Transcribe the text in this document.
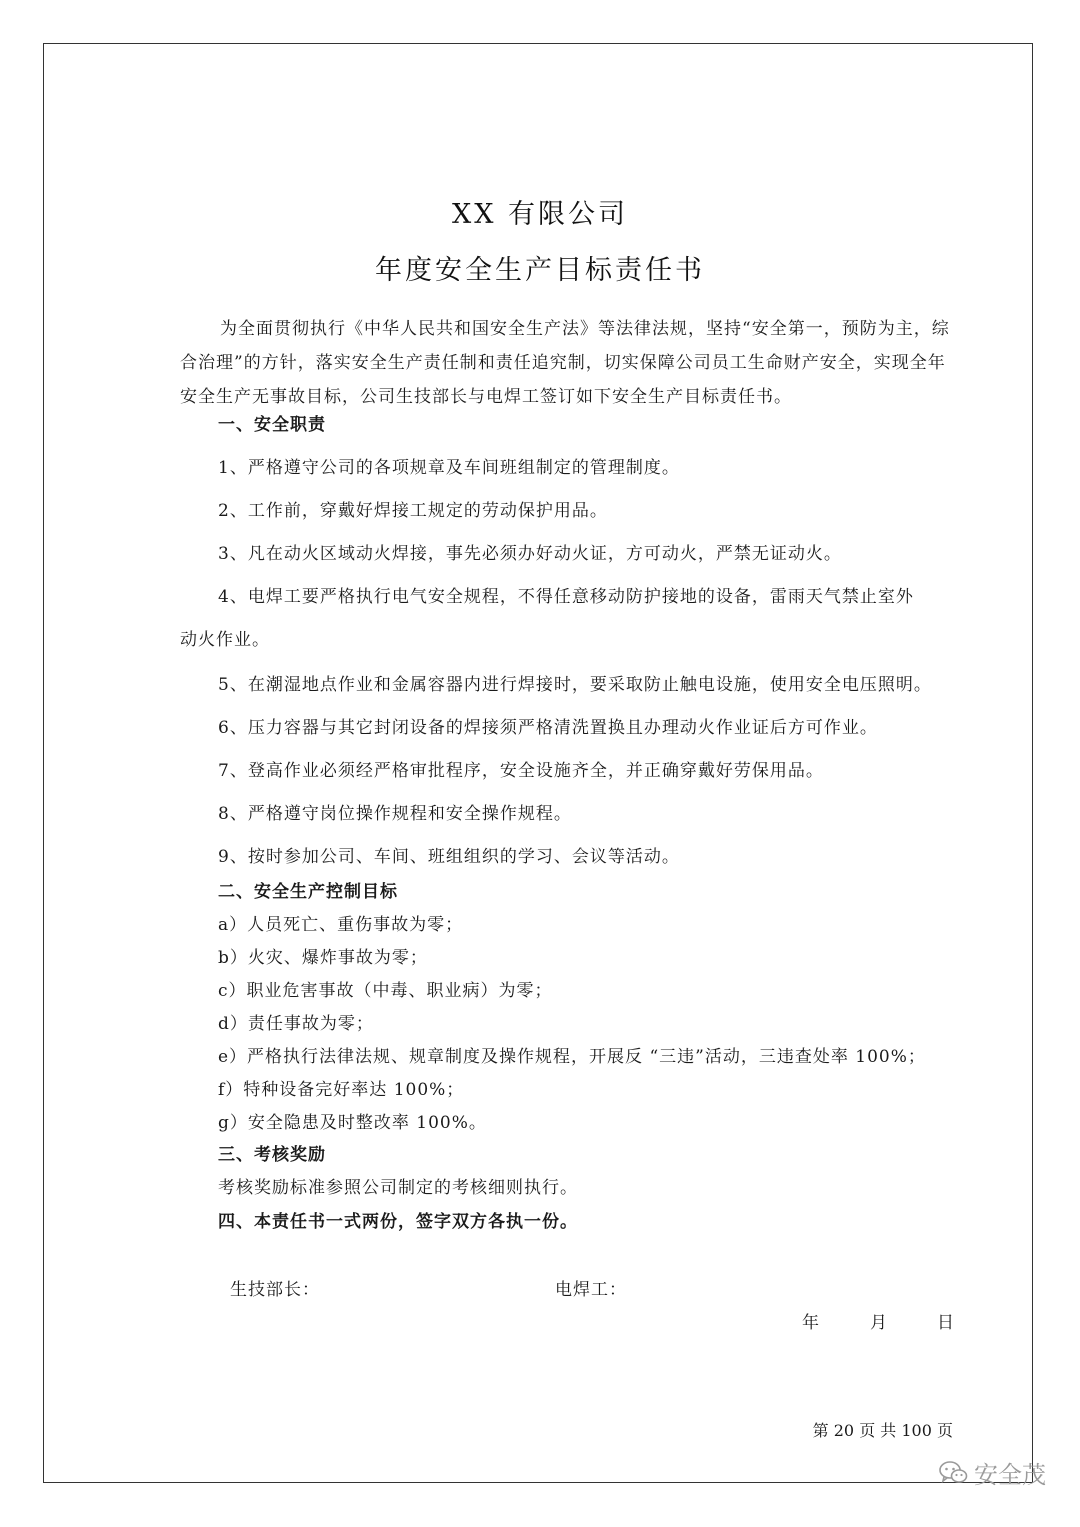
XX 有限公司
年度安全生产目标责任书
为全面贯彻执行《中华人民共和国安全生产法》等法律法规，坚持“安全第一，预防为主，综合治理”的方针，落实安全生产责任制和责任追究制，切实保障公司员工生命财产安全，实现全年安全生产无事故目标，公司生技部长与电焊工签订如下安全生产目标责任书。
一、安全职责
1、严格遵守公司的各项规章及车间班组制定的管理制度。
2、工作前，穿戴好焊接工规定的劳动保护用品。
3、凡在动火区域动火焊接，事先必须办好动火证，方可动火，严禁无证动火。
4、电焊工要严格执行电气安全规程，不得任意移动防护接地的设备，雷雨天气禁止室外
动火作业。
5、在潮湿地点作业和金属容器内进行焊接时，要采取防止触电设施，使用安全电压照明。
6、压力容器与其它封闭设备的焊接须严格清洗置换且办理动火作业证后方可作业。
7、登高作业必须经严格审批程序，安全设施齐全，并正确穿戴好劳保用品。
8、严格遵守岗位操作规程和安全操作规程。
9、按时参加公司、车间、班组组织的学习、会议等活动。
二、安全生产控制目标
a）人员死亡、重伤事故为零；
b）火灾、爆炸事故为零；
c）职业危害事故（中毒、职业病）为零；
d）责任事故为零；
e）严格执行法律法规、规章制度及操作规程，开展反 “三违”活动，三违查处率 100%；
f）特种设备完好率达 100%；
g）安全隐患及时整改率 100%。
三、考核奖励
考核奖励标准参照公司制定的考核细则执行。
四、本责任书一式两份，签字双方各执一份。
生技部长：	电焊工：
年	月	日
第 20 页 共 100 页
安全茂
